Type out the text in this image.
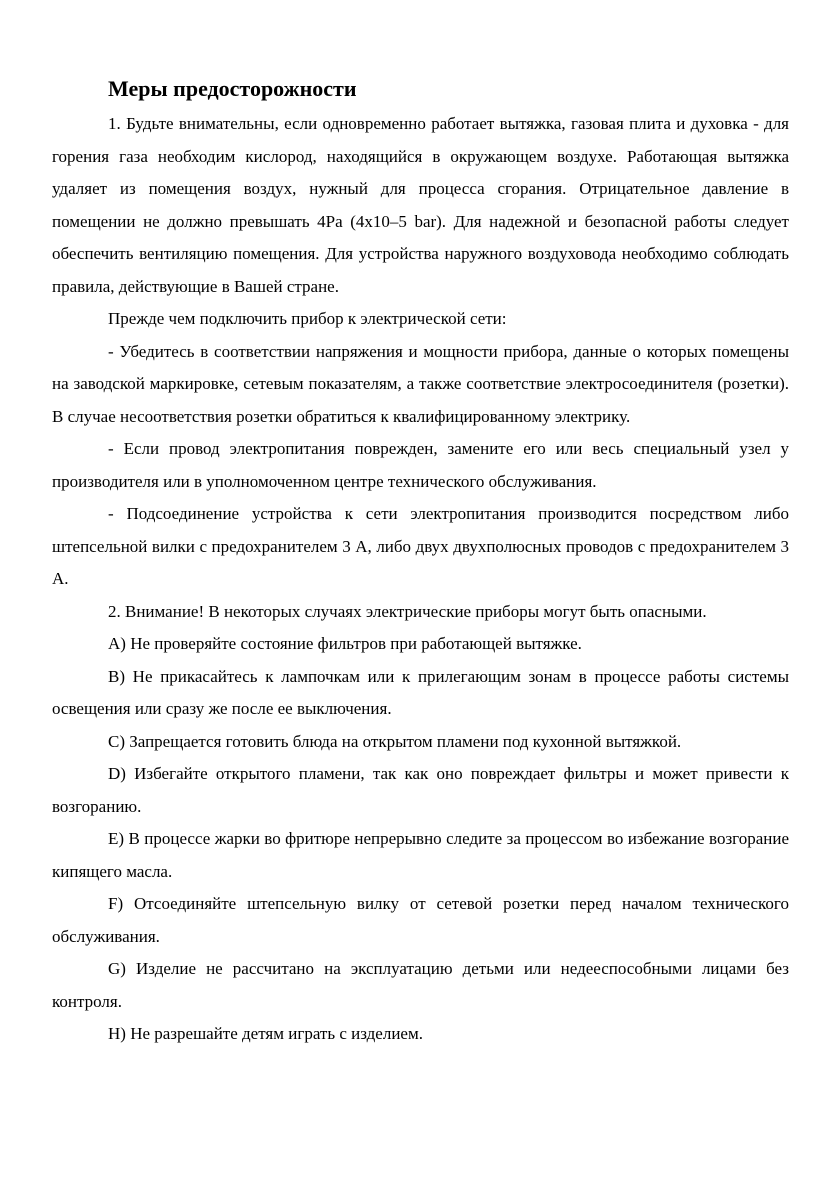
Меры предосторожности

1. Будьте внимательны, если одновременно работает вытяжка, газовая плита и духовка - для горения газа необходим кислород, находящийся в окружающем воздухе. Работающая вытяжка удаляет из помещения воздух, нужный для процесса сгорания. Отрицательное давление в помещении не должно превышать 4Pa (4x10–5 bar). Для надежной и безопасной работы следует обеспечить вентиляцию помещения. Для устройства наружного воздуховода необходимо соблюдать правила, действующие в Вашей стране.

Прежде чем подключить прибор к электрической сети:

- Убедитесь в соответствии напряжения и мощности прибора, данные о которых помещены на заводской маркировке, сетевым показателям, а также соответствие электросоединителя (розетки). В случае несоответствия розетки обратиться к квалифицированному электрику.

- Если провод электропитания поврежден, замените его или весь специальный узел у производителя или в уполномоченном центре технического обслуживания.

- Подсоединение устройства к сети электропитания производится посредством либо штепсельной вилки с предохранителем 3 А, либо двух двухполюсных проводов с предохранителем 3 А.

2. Внимание! В некоторых случаях электрические приборы могут быть опасными.

A) Не проверяйте состояние фильтров при работающей вытяжке.

B) Не прикасайтесь к лампочкам или к прилегающим зонам в процессе работы системы освещения или сразу же после ее выключения.

C) Запрещается готовить блюда на открытом пламени под кухонной вытяжкой.

D) Избегайте открытого пламени, так как оно повреждает фильтры и может привести к возгоранию.

E) В процессе жарки во фритюре непрерывно следите за процессом во избежание возгорание кипящего масла.

F) Отсоединяйте штепсельную вилку от сетевой розетки перед началом технического обслуживания.

G) Изделие не рассчитано на эксплуатацию детьми или недееспособными лицами без контроля.

H) Не разрешайте детям играть с изделием.
